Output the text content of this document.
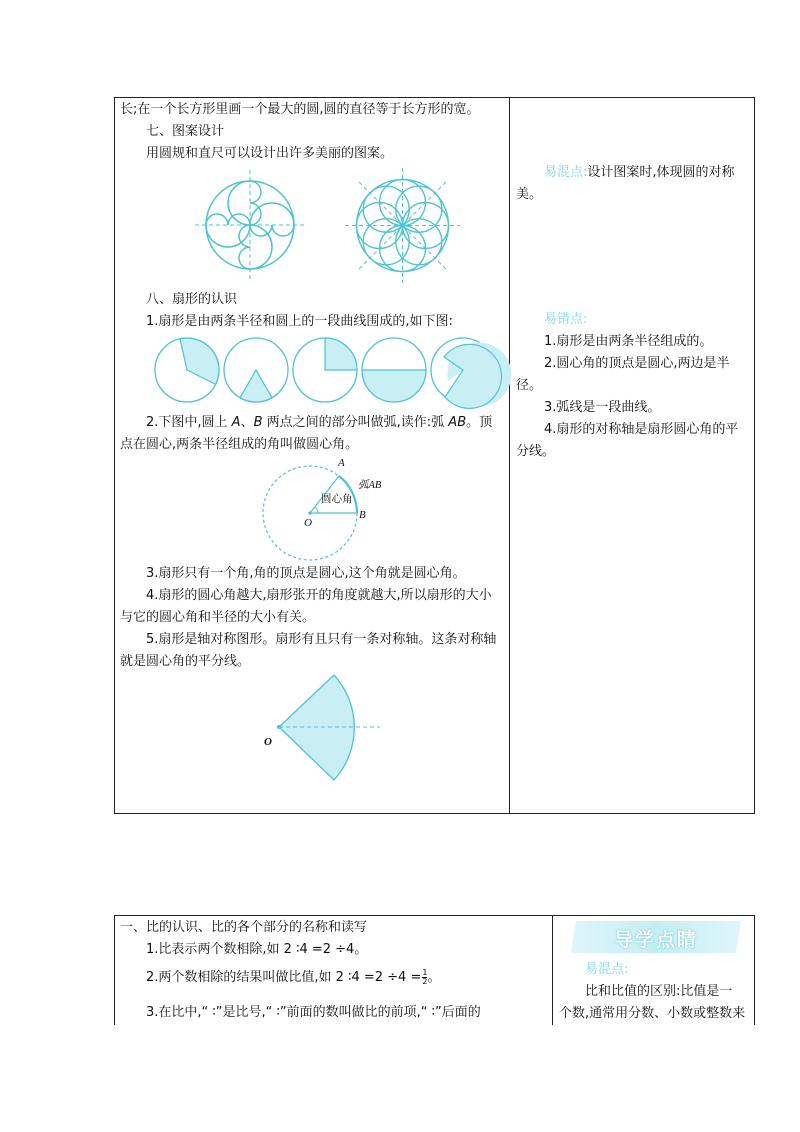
长;在一个长方形里画一个最大的圆,圆的直径等于长方形的宽。
七、图案设计
用圆规和直尺可以设计出许多美丽的图案。
八、扇形的认识
1.扇形是由两条半径和圆上的一段曲线围成的,如下图:
2.下图中,圆上 A、B 两点之间的部分叫做弧,读作:弧 AB。顶
点在圆心,两条半径组成的角叫做圆心角。
A
弧AB
圆心角
O
B
3.扇形只有一个角,角的顶点是圆心,这个角就是圆心角。
4.扇形的圆心角越大,扇形张开的角度就越大,所以扇形的大小
与它的圆心角和半径的大小有关。
5.扇形是轴对称图形。扇形有且只有一条对称轴。这条对称轴
就是圆心角的平分线。
O
易混点:设计图案时,体现圆的对称
美。
易错点:
1.扇形是由两条半径组成的。
2.圆心角的顶点是圆心,两边是半
径。
3.弧线是一段曲线。
4.扇形的对称轴是扇形圆心角的平
分线。
一、比的认识、比的各个部分的名称和读写
1.比表示两个数相除,如 2 ∶4 =2 ÷4。
2.两个数相除的结果叫做比值,如 2 ∶4 $=2 \div 4 = \frac{1}{2}$ 。
3.在比中,“ ∶”是比号,“ ∶”前面的数叫做比的前项,“ ∶”后面的
导学点睛
易混点:
比和比值的区别:比值是一
个数,通常用分数、小数或整数来
